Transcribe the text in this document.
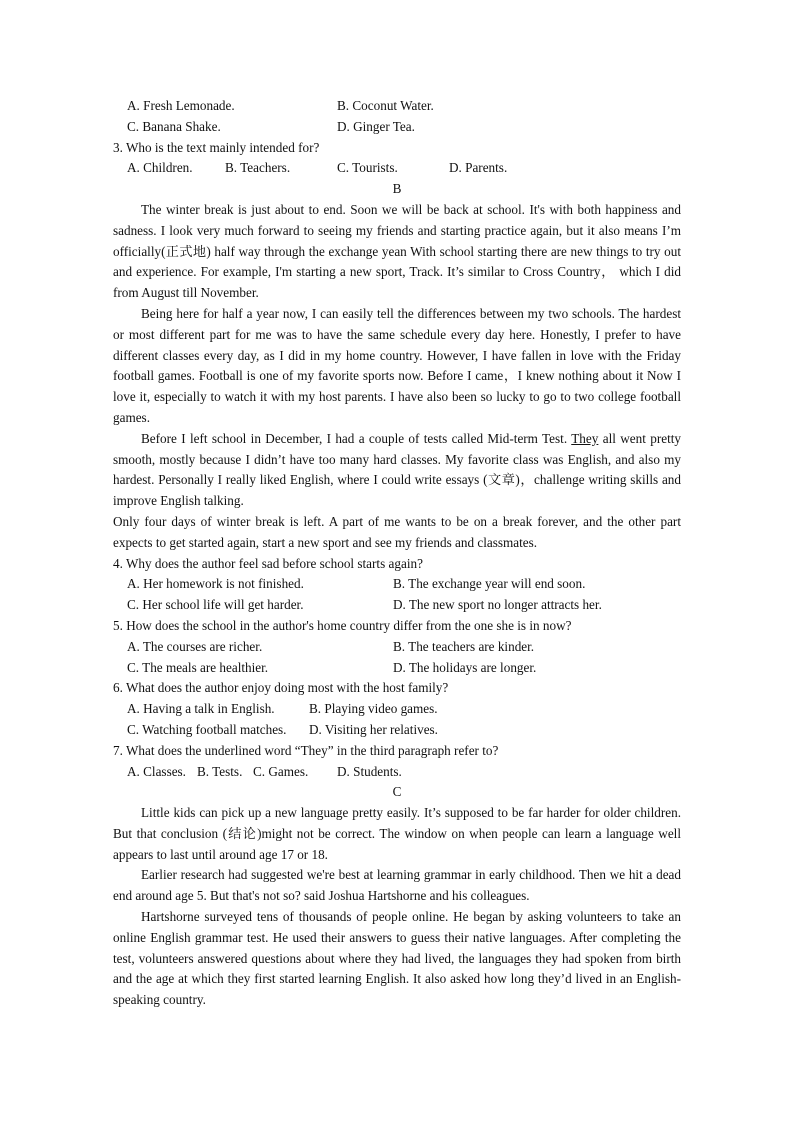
A. Fresh Lemonade.	B. Coconut Water.
C. Banana Shake.	D. Ginger Tea.
3. Who is the text mainly intended for?
A. Children. B. Teachers.	C. Tourists.	D. Parents.
B

The winter break is just about to end. Soon we will be back at school. It's with both happiness and sadness. I look very much forward to seeing my friends and starting practice again, but it also means I’m officially(正式地) half way through the exchange yean With school starting there are new things to try out and experience. For example, I'm starting a new sport, Track. It’s similar to Cross Country， which I did from August till November.

Being here for half a year now, I can easily tell the differences between my two schools. The hardest or most different part for me was to have the same schedule every day here. Honestly, I prefer to have different classes every day, as I did in my home country. However, I have fallen in love with the Friday football games. Football is one of my favorite sports now. Before I came，I knew nothing about it Now I love it, especially to watch it with my host parents. I have also been so lucky to go to two college football games.

Before I left school in December, I had a couple of tests called Mid-term Test. They all went pretty smooth, mostly because I didn’t have too many hard classes. My favorite class was English, and also my hardest. Personally I really liked English, where I could write essays (文章)，challenge writing skills and improve English talking.

Only four days of winter break is left. A part of me wants to be on a break forever, and the other part expects to get started again, start a new sport and see my friends and classmates.

4. Why does the author feel sad before school starts again?
A. Her homework is not finished.	B. The exchange year will end soon.
C. Her school life will get harder.	D. The new sport no longer attracts her.
5. How does the school in the author's home country differ from the one she is in now?
A. The courses are richer.	B. The teachers are kinder.
C. The meals are healthier.	D. The holidays are longer.
6. What does the author enjoy doing most with the host family?
A. Having a talk in English.	B. Playing video games.
C. Watching football matches. D. Visiting her relatives.
7. What does the underlined word “They” in the third paragraph refer to?
A. Classes. B. Tests. C. Games. D. Students.
C

Little kids can pick up a new language pretty easily. It’s supposed to be far harder for older children. But that conclusion (结论)might not be correct. The window on when people can learn a language well appears to last until around age 17 or 18.

Earlier research had suggested we're best at learning grammar in early childhood. Then we hit a dead end around age 5. But that's not so? said Joshua Hartshorne and his colleagues.

Hartshorne surveyed tens of thousands of people online. He began by asking volunteers to take an online English grammar test. He used their answers to guess their native languages. After completing the test, volunteers answered questions about where they had lived, the languages they had spoken from birth and the age at which they first started learning English. It also asked how long they’d lived in an English-speaking country.
